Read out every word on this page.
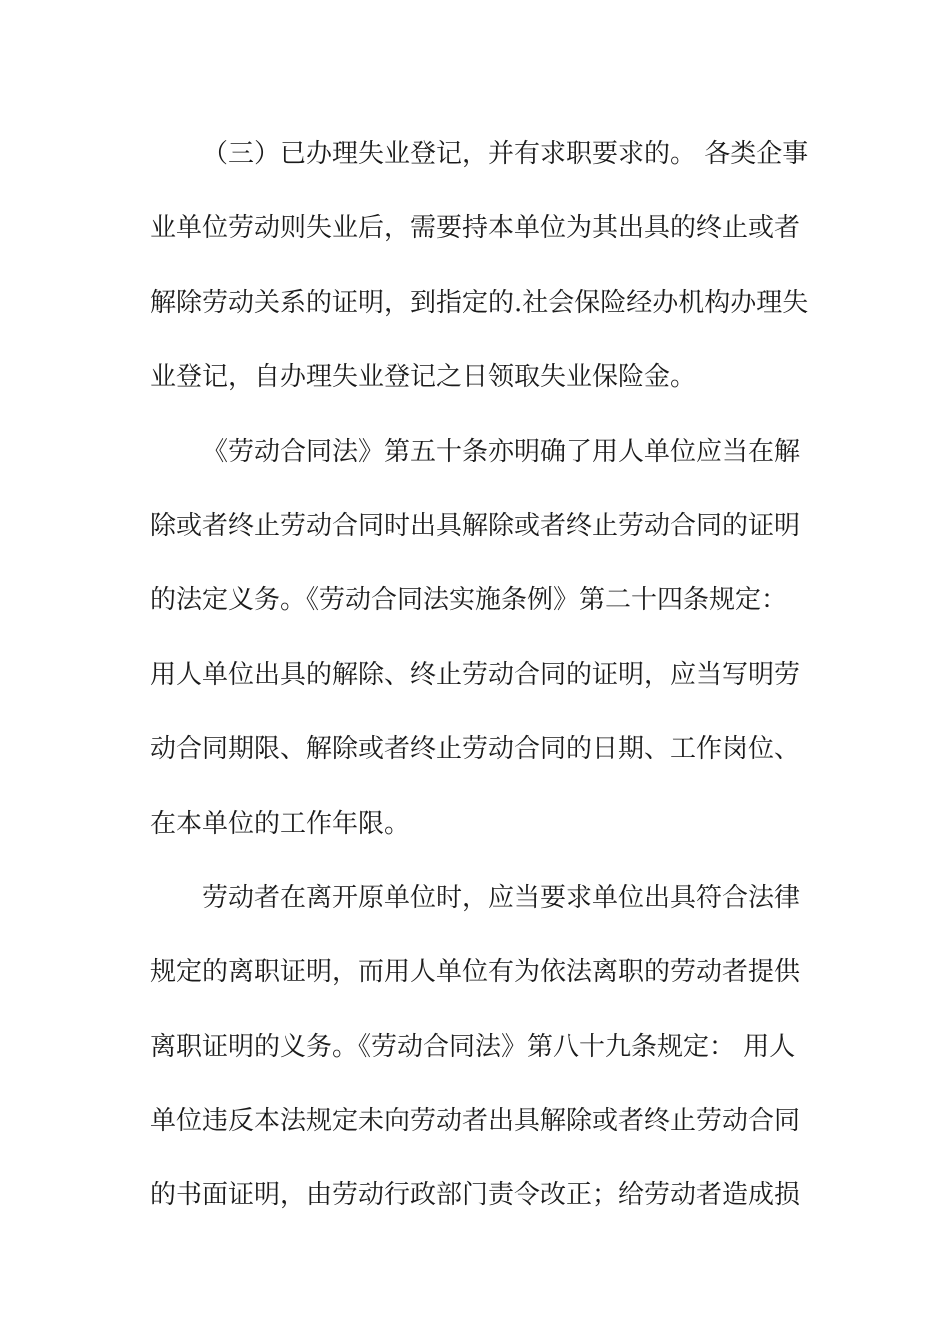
（三）已办理失业登记，并有求职要求的。 各类企事
业单位劳动则失业后，需要持本单位为其出具的终止或者
解除劳动关系的证明，到指定的.社会保险经办机构办理失
业登记，自办理失业登记之日领取失业保险金。
《劳动合同法》第五十条亦明确了用人单位应当在解
除或者终止劳动合同时出具解除或者终止劳动合同的证明
的法定义务。《劳动合同法实施条例》第二十四条规定：
用人单位出具的解除、终止劳动合同的证明，应当写明劳
动合同期限、解除或者终止劳动合同的日期、工作岗位、
在本单位的工作年限。
劳动者在离开原单位时，应当要求单位出具符合法律
规定的离职证明，而用人单位有为依法离职的劳动者提供
离职证明的义务。《劳动合同法》第八十九条规定： 用人
单位违反本法规定未向劳动者出具解除或者终止劳动合同
的书面证明，由劳动行政部门责令改正；给劳动者造成损
